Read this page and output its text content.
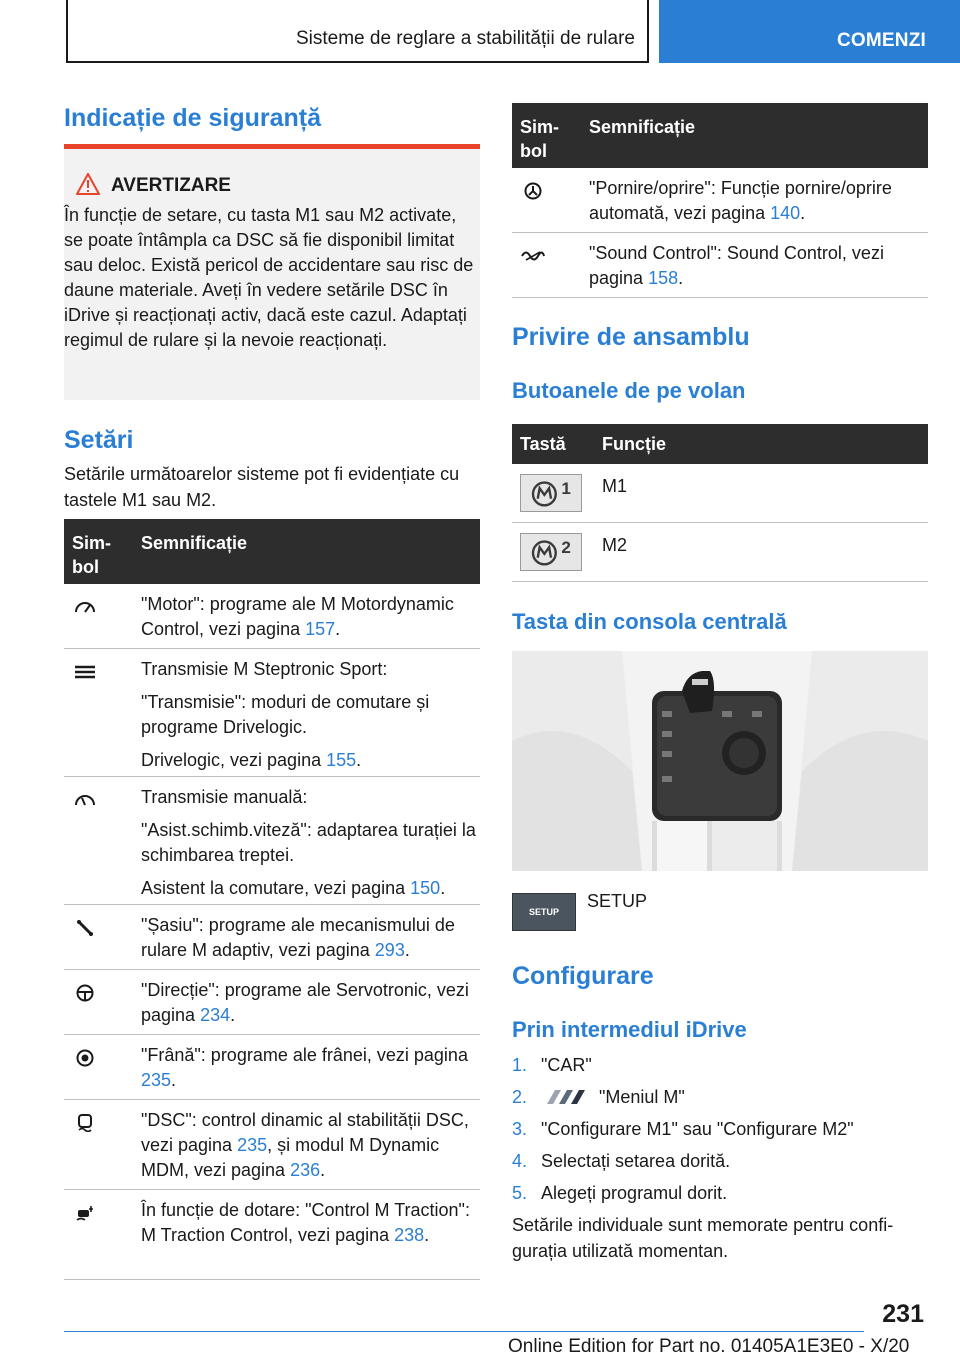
Sisteme de reglare a stabilității de rulare	COMENZI
Indicație de siguranță
AVERTIZARE
În funcție de setare, cu tasta M1 sau M2 activate, se poate întâmpla ca DSC să fie disponibil limitat sau deloc. Există pericol de accidentare sau risc de daune materiale. Aveți în vedere setările DSC în iDrive și reacționați activ, dacă este cazul. Adaptați regimul de rulare și la nevoie reacționați.
Setări
Setările următoarelor sisteme pot fi evidențiate cu tastele M1 sau M2.
Simbol
Semnificație
"Motor": programe ale M Motordynamic Control, vezi pagina 157.

Transmisie M Steptronic Sport:

"Transmisie": moduri de comutare și programe Drivelogic.

Drivelogic, vezi pagina 155.

Transmisie manuală:

"Asist.schimb.viteză": adaptarea turației la schimbarea treptei.

Asistent la comutare, vezi pagina 150.

"Șasiu": programe ale mecanismului de rulare M adaptiv, vezi pagina 293.
"Direcție": programe ale Servotronic, vezi pagina 234.
"Frână": programe ale frânei, vezi pagina 235.
"DSC": control dinamic al stabilității DSC, vezi pagina 235, și modul M Dynamic MDM, vezi pagina 236.
În funcție de dotare: "Control M Traction": M Traction Control, vezi pagina 238.
Simbol
Semnificație
"Pornire/oprire": Funcție pornire/oprire automată, vezi pagina 140.
"Sound Control": Sound Control, vezi pagina 158.
Privire de ansamblu
Butoanele de pe volan
Tastă Funcție
1 M1
2 M2
Tasta din consola centrală
SETUP
SETUP
Configurare
Prin intermediul iDrive
1. "CAR"
2.	"Meniul M"
3. "Configurare M1" sau "Configurare M2"
4. Selectați setarea dorită.
5. Alegeți programul dorit.
Setările individuale sunt memorate pentru configurația utilizată momentan.
231
Online Edition for Part no. 01405A1E3E0 - X/20
